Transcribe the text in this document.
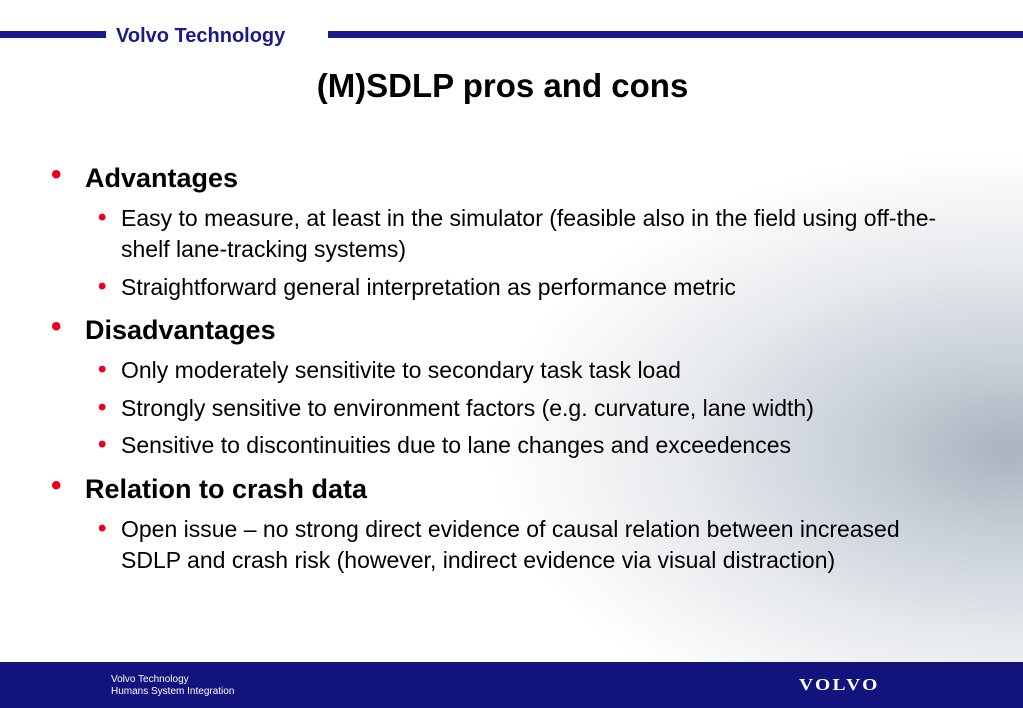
Volvo Technology
(M)SDLP pros and cons
• Advantages
• Easy to measure, at least in the simulator (feasible also in the field using off-the-shelf lane-tracking systems)
• Straightforward general interpretation as performance metric
• Disadvantages
• Only moderately sensitivite to secondary task task load
• Strongly sensitive to environment factors (e.g. curvature, lane width)
• Sensitive to discontinuities due to lane changes and exceedences
• Relation to crash data
• Open issue – no strong direct evidence of causal relation between increased SDLP and crash risk (however, indirect evidence via visual distraction)
Volvo Technology
Humans System Integration	VOLVO
